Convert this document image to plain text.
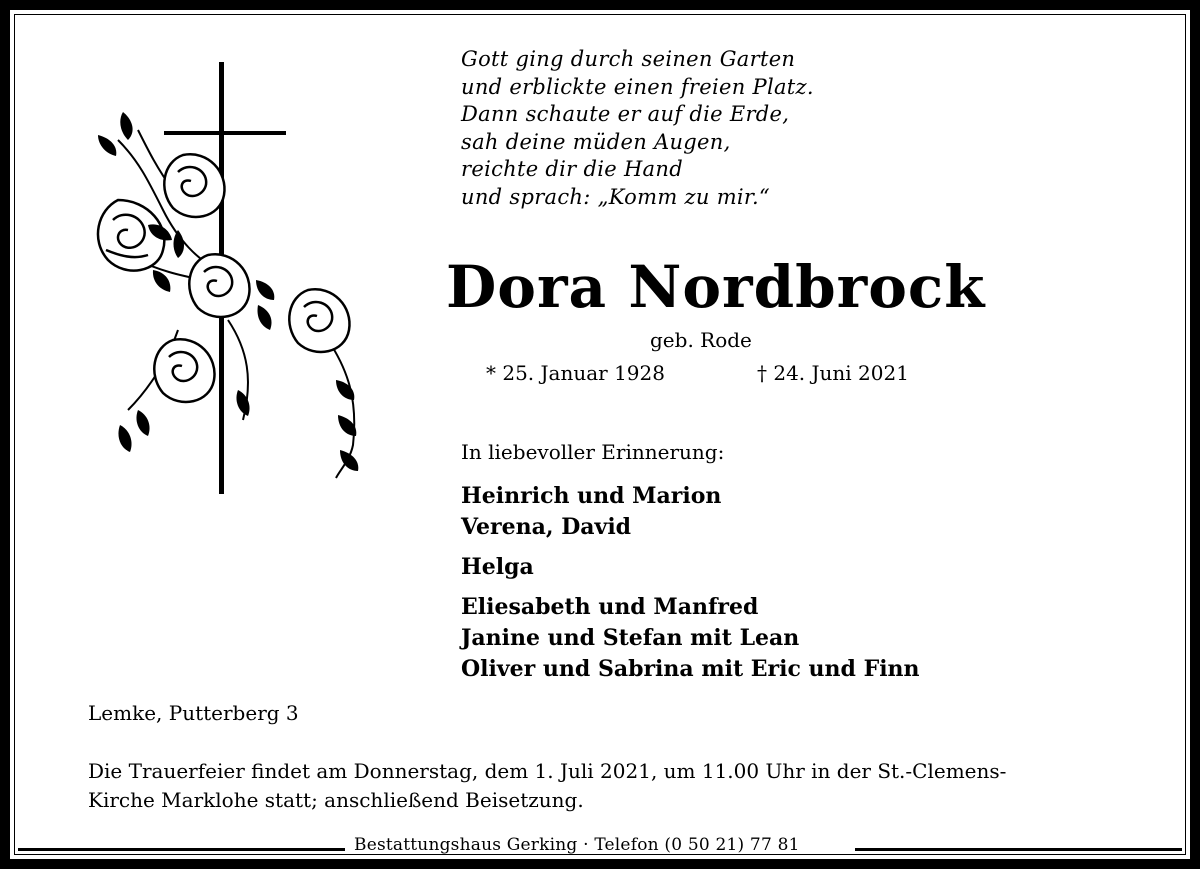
Gott ging durch seinen Garten
und erblickte einen freien Platz.
Dann schaute er auf die Erde,
sah deine müden Augen,
reichte dir die Hand
und sprach: „Komm zu mir.“
Dora Nordbrock
geb. Rode
* 25. Januar 1928	† 24. Juni 2021
In liebevoller Erinnerung:
Heinrich und Marion
Verena, David
Helga
Eliesabeth und Manfred
Janine und Stefan mit Lean
Oliver und Sabrina mit Eric und Finn
Lemke, Putterberg 3
Die Trauerfeier findet am Donnerstag, dem 1. Juli 2021, um 11.00 Uhr in der St.-Clemens-
Kirche Marklohe statt; anschließend Beisetzung.
Bestattungshaus Gerking · Telefon (0 50 21) 77 81
